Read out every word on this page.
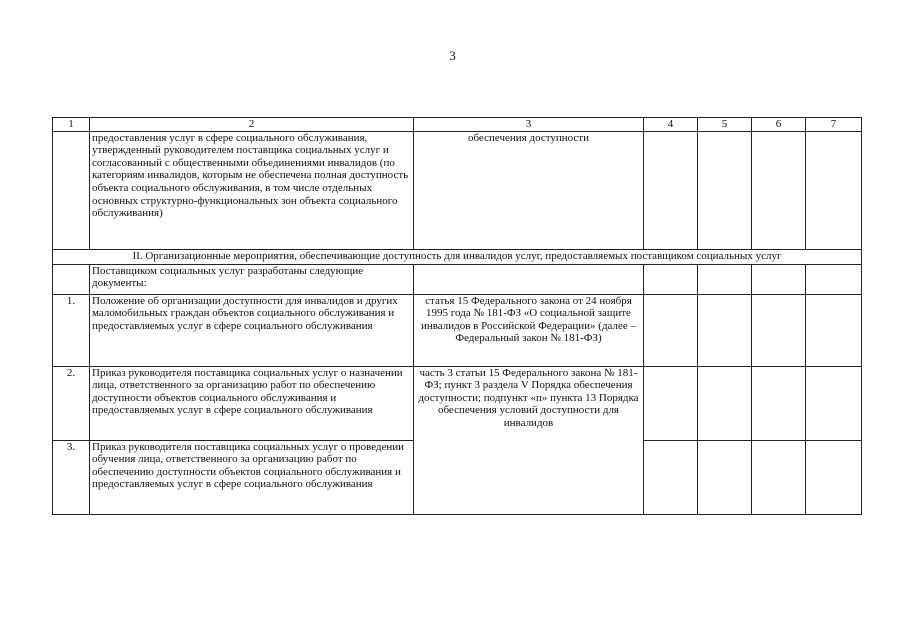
3
1	2	3	4	5	6	7
	предоставления услуг в сфере социального обслуживания, утвержденный руководителем поставщика социальных услуг и согласованный с общественными объединениями инвалидов (по категориям инвалидов, которым не обеспечена полная доступность объекта социального обслуживания, в том числе отдельных основных структурно-функциональных зон объекта социального обслуживания)	обеспечения доступности				
II. Организационные мероприятия, обеспечивающие доступность для инвалидов услуг, предоставляемых поставщиком социальных услуг						
	Поставщиком социальных услуг разработаны следующие документы:					
1.	Положение об организации доступности для инвалидов и других маломобильных граждан объектов социального обслуживания и предоставляемых услуг в сфере социального обслуживания	статья 15 Федерального закона от 24 ноября 1995 года № 181-ФЗ «О социальной защите инвалидов в Российской Федерации» (далее – Федеральный закон № 181-ФЗ)				
2.	Приказ руководителя поставщика социальных услуг о назначении лица, ответственного за организацию работ по обеспечению доступности объектов социального обслуживания и предоставляемых услуг в сфере социального обслуживания	часть 3 статьи 15 Федерального закона № 181-ФЗ; пункт 3 раздела V Порядка обеспечения доступности; подпункт «п» пункта 13 Порядка обеспечения условий доступности для инвалидов				
3.	Приказ руководителя поставщика социальных услуг о проведении обучения лица, ответственного за организацию работ по обеспечению доступности объектов социального обслуживания и предоставляемых услуг в сфере социального обслуживания					
